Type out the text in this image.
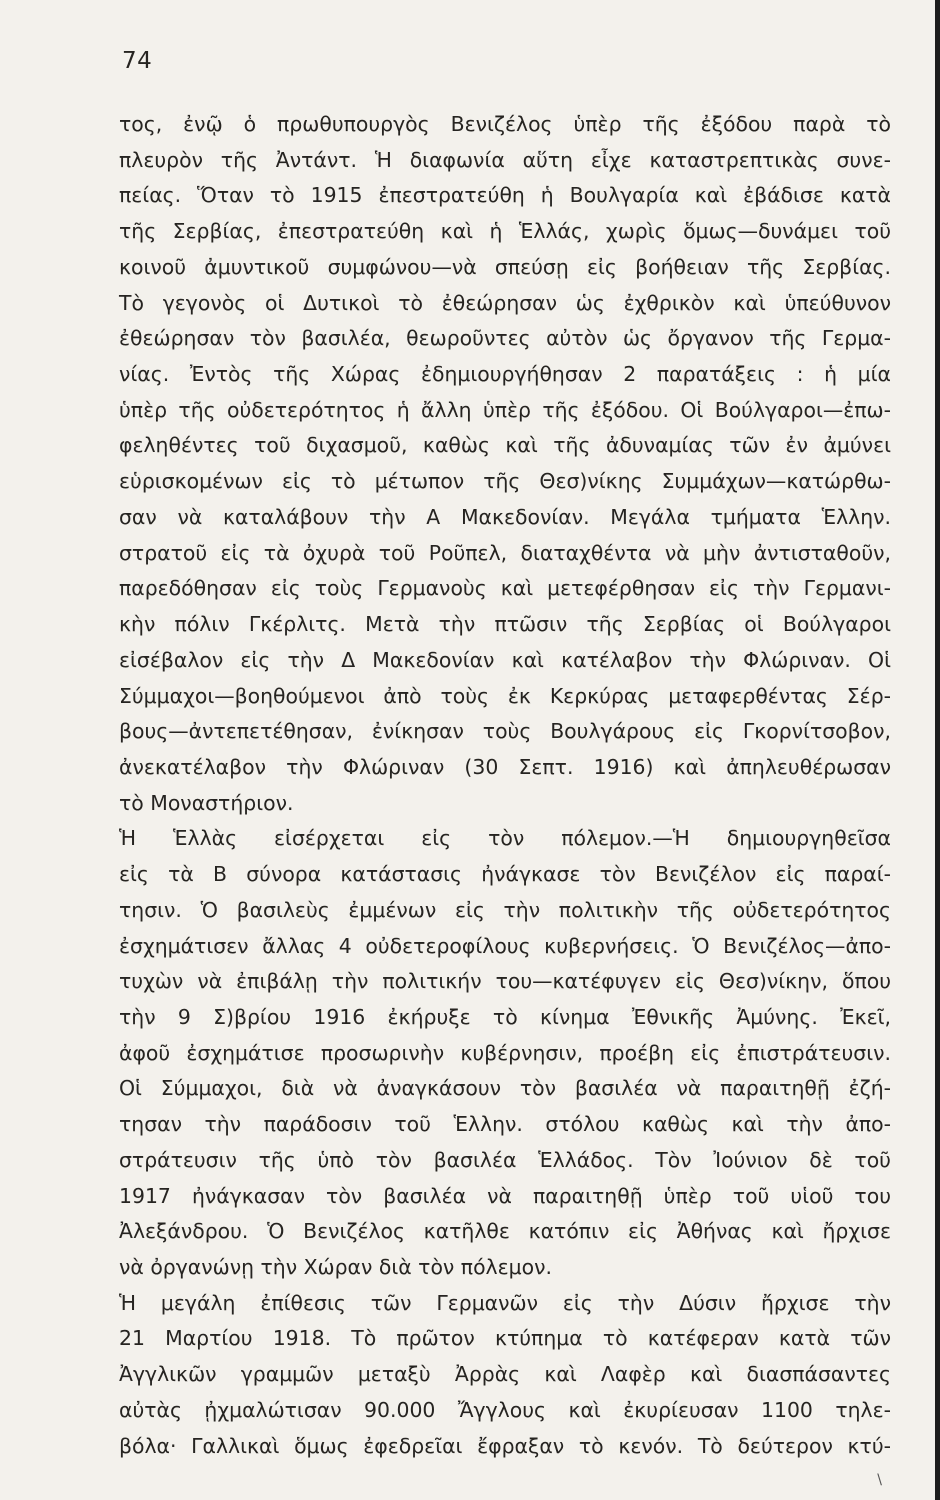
74
τος, ἐνῷ ὁ πρωθυπουργὸς Βενιζέλος ὑπὲρ τῆς ἐξόδου παρὰ τὸ
πλευρὸν τῆς Ἀντάντ. Ἡ διαφωνία αὕτη εἶχε καταστρεπτικὰς συνε-
πείας. Ὅταν τὸ 1915 ἐπεστρατεύθη ἡ Βουλγαρία καὶ ἐβάδισε κατὰ
τῆς Σερβίας, ἐπεστρατεύθη καὶ ἡ Ἑλλάς, χωρὶς ὅμως—δυνάμει τοῦ
κοινοῦ ἀμυντικοῦ συμφώνου—νὰ σπεύσῃ εἰς βοήθειαν τῆς Σερβίας.
Τὸ γεγονὸς οἱ Δυτικοὶ τὸ ἐθεώρησαν ὡς ἐχθρικὸν καὶ ὑπεύθυνον
ἐθεώρησαν τὸν βασιλέα, θεωροῦντες αὐτὸν ὡς ὄργανον τῆς Γερμα-
νίας. Ἐντὸς τῆς Χώρας ἐδημιουργήθησαν 2 παρατάξεις : ἡ μία
ὑπὲρ τῆς οὐδετερότητος ἡ ἄλλη ὑπὲρ τῆς ἐξόδου. Οἱ Βούλγαροι—ἐπω-
φεληθέντες τοῦ διχασμοῦ, καθὼς καὶ τῆς ἀδυναμίας τῶν ἐν ἀμύνει
εὑρισκομένων εἰς τὸ μέτωπον τῆς Θεσ)νίκης Συμμάχων—κατώρθω-
σαν νὰ καταλάβουν τὴν Α Μακεδονίαν. Μεγάλα τμήματα Ἑλλην.
στρατοῦ εἰς τὰ ὀχυρὰ τοῦ Ροῦπελ, διαταχθέντα νὰ μὴν ἀντισταθοῦν,
παρεδόθησαν εἰς τοὺς Γερμανοὺς καὶ μετεφέρθησαν εἰς τὴν Γερμανι-
κὴν πόλιν Γκέρλιτς. Μετὰ τὴν πτῶσιν τῆς Σερβίας οἱ Βούλγαροι
εἰσέβαλον εἰς τὴν Δ Μακεδονίαν καὶ κατέλαβον τὴν Φλώριναν. Οἱ
Σύμμαχοι—βοηθούμενοι ἀπὸ τοὺς ἐκ Κερκύρας μεταφερθέντας Σέρ-
βους—ἀντεπετέθησαν, ἐνίκησαν τοὺς Βουλγάρους εἰς Γκορνίτσοβον,
ἀνεκατέλαβον τὴν Φλώριναν (30 Σεπτ. 1916) καὶ ἀπηλευθέρωσαν
τὸ Μοναστήριον.
Ἡ Ἑλλὰς εἰσέρχεται εἰς τὸν πόλεμον.—Ἡ δημιουργηθεῖσα
εἰς τὰ Β σύνορα κατάστασις ἠνάγκασε τὸν Βενιζέλον εἰς παραί-
τησιν. Ὁ βασιλεὺς ἐμμένων εἰς τὴν πολιτικὴν τῆς οὐδετερότητος
ἐσχημάτισεν ἄλλας 4 οὐδετεροφίλους κυβερνήσεις. Ὁ Βενιζέλος—ἀπο-
τυχὼν νὰ ἐπιβάλῃ τὴν πολιτικήν του—κατέφυγεν εἰς Θεσ)νίκην, ὅπου
τὴν 9 Σ)βρίου 1916 ἐκήρυξε τὸ κίνημα Ἐθνικῆς Ἀμύνης. Ἐκεῖ,
ἀφοῦ ἐσχημάτισε προσωρινὴν κυβέρνησιν, προέβη εἰς ἐπιστράτευσιν.
Οἱ Σύμμαχοι, διὰ νὰ ἀναγκάσουν τὸν βασιλέα νὰ παραιτηθῇ ἐζή-
τησαν τὴν παράδοσιν τοῦ Ἑλλην. στόλου καθὼς καὶ τὴν ἀπο-
στράτευσιν τῆς ὑπὸ τὸν βασιλέα Ἑλλάδος. Τὸν Ἰούνιον δὲ τοῦ
1917 ἠνάγκασαν τὸν βασιλέα νὰ παραιτηθῇ ὑπὲρ τοῦ υἱοῦ του
Ἀλεξάνδρου. Ὁ Βενιζέλος κατῆλθε κατόπιν εἰς Ἀθήνας καὶ ἤρχισε
νὰ ὀργανώνῃ τὴν Χώραν διὰ τὸν πόλεμον.
Ἡ μεγάλη ἐπίθεσις τῶν Γερμανῶν εἰς τὴν Δύσιν ἤρχισε τὴν
21 Μαρτίου 1918. Τὸ πρῶτον κτύπημα τὸ κατέφεραν κατὰ τῶν
Ἀγγλικῶν γραμμῶν μεταξὺ Ἀρρὰς καὶ Λαφὲρ καὶ διασπάσαντες
αὐτὰς ᾐχμαλώτισαν 90.000 Ἄγγλους καὶ ἐκυρίευσαν 1100 τηλε-
βόλα· Γαλλικαὶ ὅμως ἐφεδρεῖαι ἔφραξαν τὸ κενόν. Τὸ δεύτερον κτύ-
\
